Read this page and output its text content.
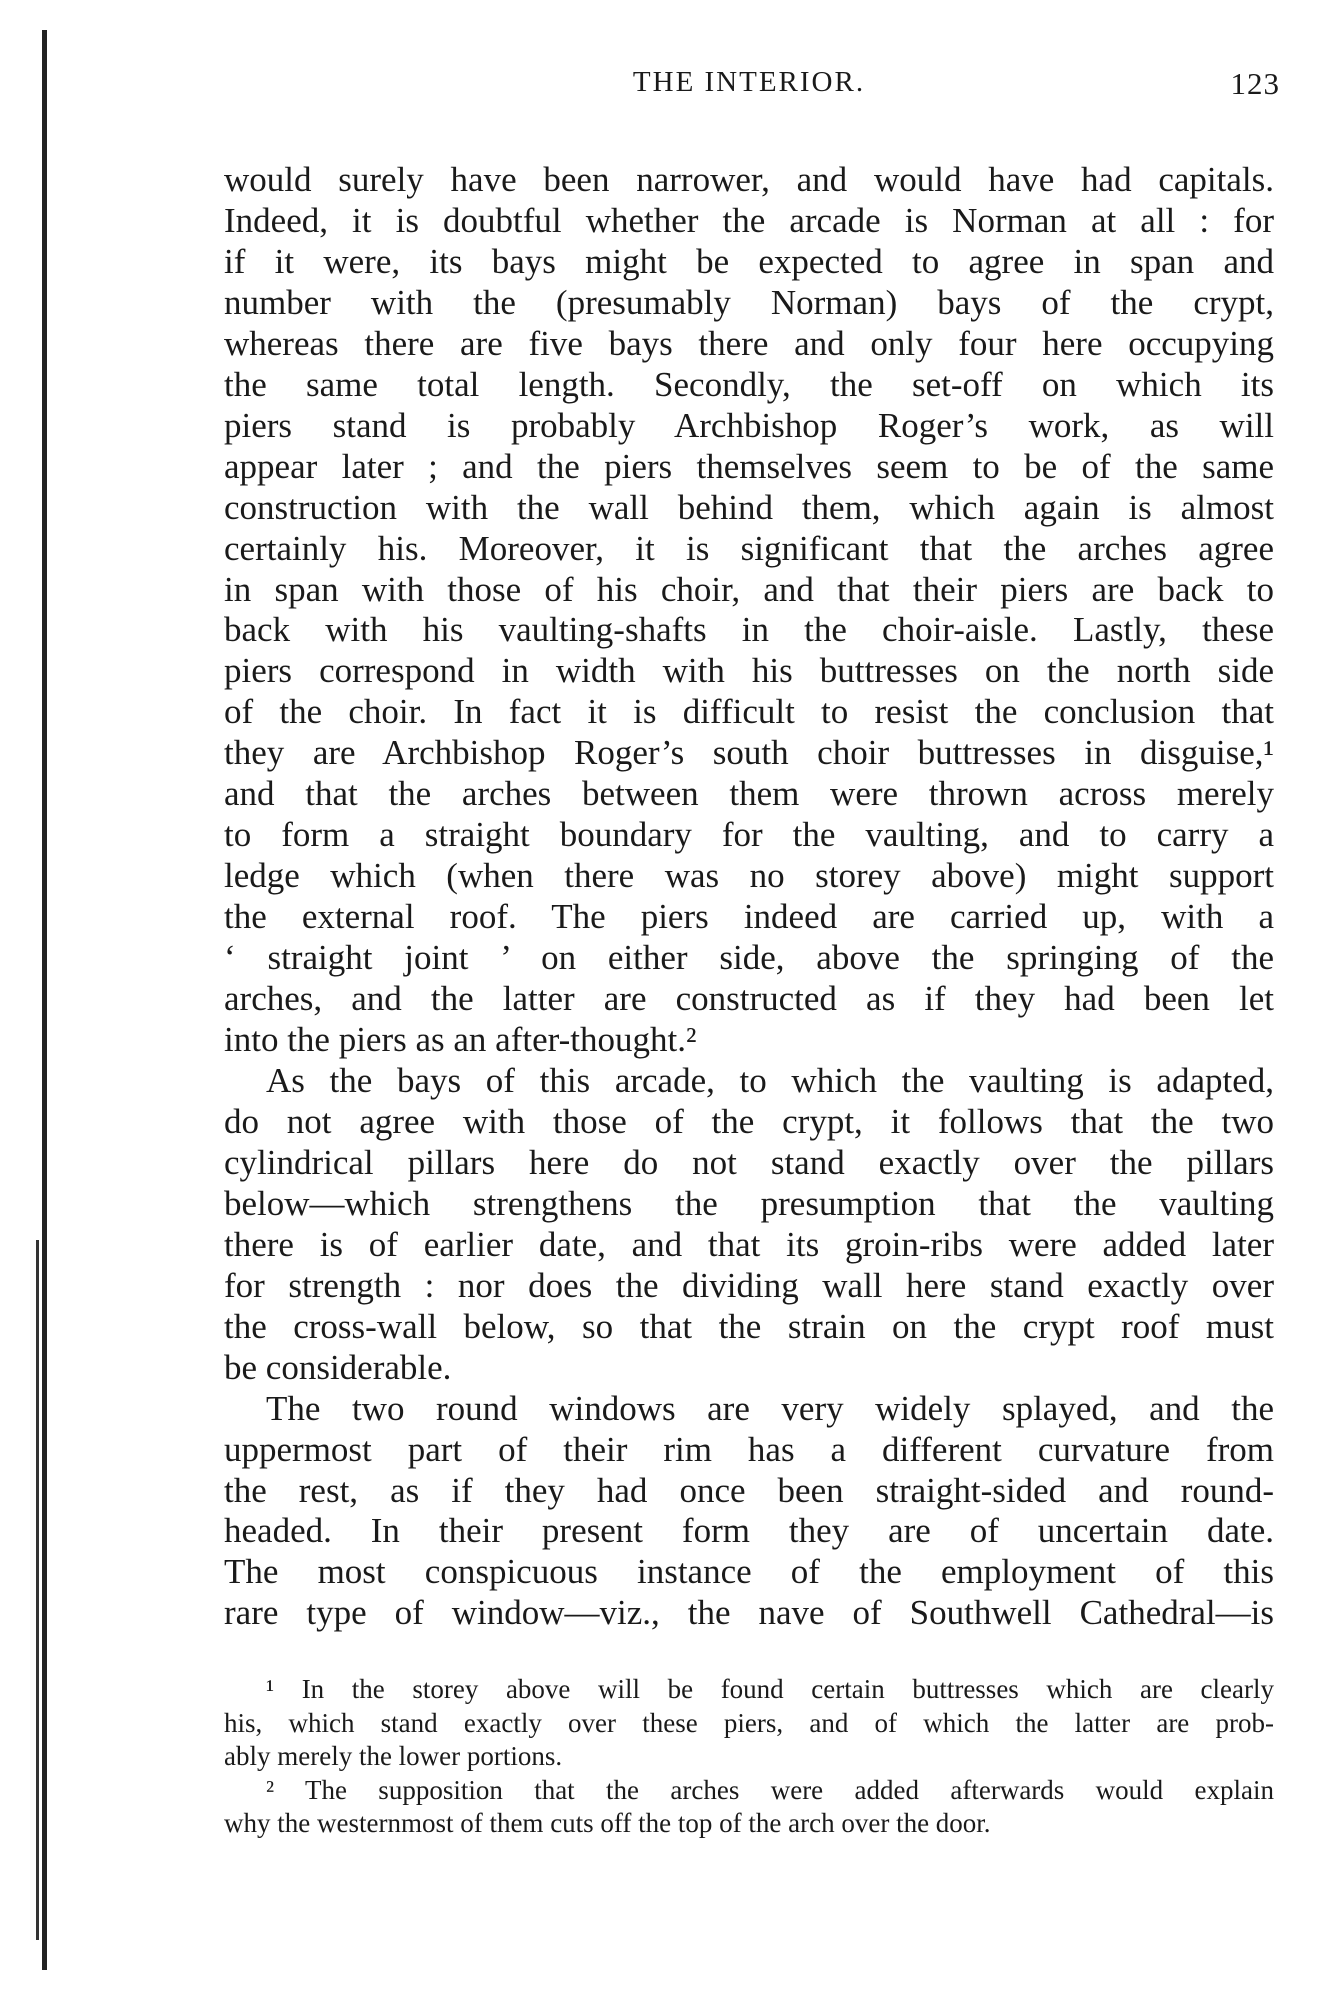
THE INTERIOR.	123
would surely have been narrower, and would have had capitals.
Indeed, it is doubtful whether the arcade is Norman at all : for
if it were, its bays might be expected to agree in span and
number with the (presumably Norman) bays of the crypt,
whereas there are five bays there and only four here occupying
the same total length. Secondly, the set-off on which its
piers stand is probably Archbishop Roger’s work, as will
appear later ; and the piers themselves seem to be of the same
construction with the wall behind them, which again is almost
certainly his. Moreover, it is significant that the arches agree
in span with those of his choir, and that their piers are back to
back with his vaulting-shafts in the choir-aisle. Lastly, these
piers correspond in width with his buttresses on the north side
of the choir. In fact it is difficult to resist the conclusion that
they are Archbishop Roger’s south choir buttresses in disguise,¹
and that the arches between them were thrown across merely
to form a straight boundary for the vaulting, and to carry a
ledge which (when there was no storey above) might support
the external roof. The piers indeed are carried up, with a
‘ straight joint ’ on either side, above the springing of the
arches, and the latter are constructed as if they had been let
into the piers as an after-thought.²
As the bays of this arcade, to which the vaulting is adapted,
do not agree with those of the crypt, it follows that the two
cylindrical pillars here do not stand exactly over the pillars
below—which strengthens the presumption that the vaulting
there is of earlier date, and that its groin-ribs were added later
for strength : nor does the dividing wall here stand exactly over
the cross-wall below, so that the strain on the crypt roof must
be considerable.
The two round windows are very widely splayed, and the
uppermost part of their rim has a different curvature from
the rest, as if they had once been straight-sided and round-
headed. In their present form they are of uncertain date.
The most conspicuous instance of the employment of this
rare type of window—viz., the nave of Southwell Cathedral—is
¹ In the storey above will be found certain buttresses which are clearly
his, which stand exactly over these piers, and of which the latter are prob-
ably merely the lower portions.
² The supposition that the arches were added afterwards would explain
why the westernmost of them cuts off the top of the arch over the door.
